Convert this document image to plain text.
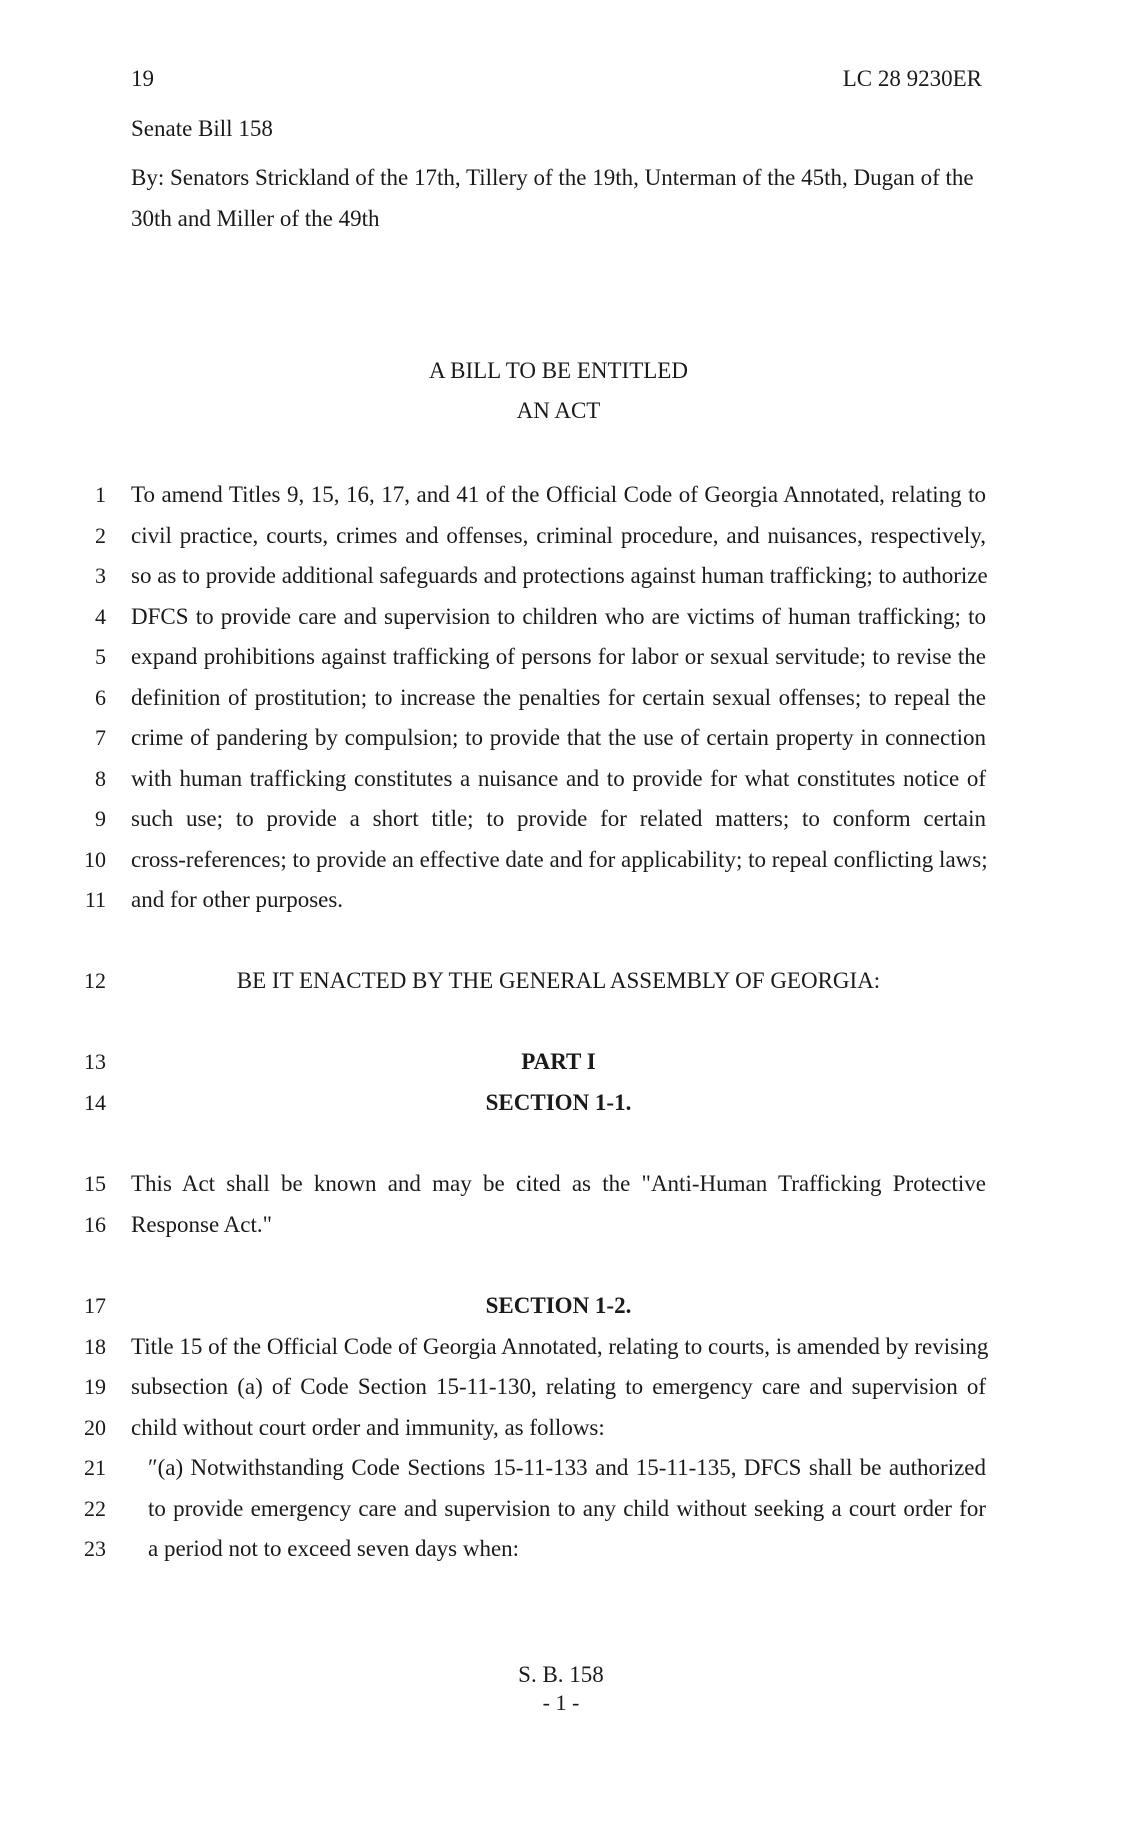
19	LC 28 9230ER
Senate Bill 158
By: Senators Strickland of the 17th, Tillery of the 19th, Unterman of the 45th, Dugan of the 30th and Miller of the 49th
A BILL TO BE ENTITLED
AN ACT
1 To amend Titles 9, 15, 16, 17, and 41 of the Official Code of Georgia Annotated, relating to
2 civil practice, courts, crimes and offenses, criminal procedure, and nuisances, respectively,
3 so as to provide additional safeguards and protections against human trafficking; to authorize
4 DFCS to provide care and supervision to children who are victims of human trafficking; to
5 expand prohibitions against trafficking of persons for labor or sexual servitude; to revise the
6 definition of prostitution; to increase the penalties for certain sexual offenses; to repeal the
7 crime of pandering by compulsion; to provide that the use of certain property in connection
8 with human trafficking constitutes a nuisance and to provide for what constitutes notice of
9 such use; to provide a short title; to provide for related matters; to conform certain
10 cross-references; to provide an effective date and for applicability; to repeal conflicting laws;
11 and for other purposes.
12	BE IT ENACTED BY THE GENERAL ASSEMBLY OF GEORGIA:
13	PART I
14	SECTION 1-1.
15 This Act shall be known and may be cited as the "Anti-Human Trafficking Protective
16 Response Act."
17	SECTION 1-2.
18 Title 15 of the Official Code of Georgia Annotated, relating to courts, is amended by revising
19 subsection (a) of Code Section 15-11-130, relating to emergency care and supervision of
20 child without court order and immunity, as follows:
21 ″(a) Notwithstanding Code Sections 15-11-133 and 15-11-135, DFCS shall be authorized
22 to provide emergency care and supervision to any child without seeking a court order for
23 a period not to exceed seven days when:
S. B. 158
- 1 -
